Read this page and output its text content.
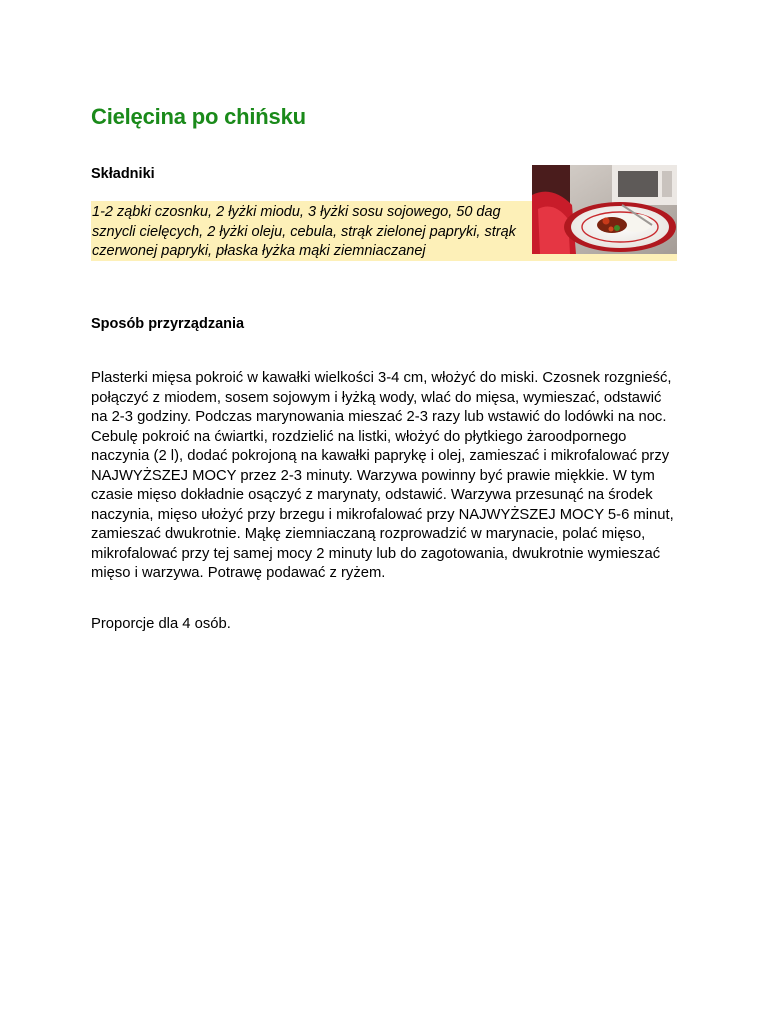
Cielęcina po chińsku
Składniki

1-2 ząbki czosnku, 2 łyżki miodu, 3 łyżki sosu sojowego, 50 dag sznycli cielęcych, 2 łyżki oleju, cebula, strąk zielonej papryki, strąk czerwonej papryki, płaska łyżka mąki ziemniaczanej

Sposób przyrządzania

Plasterki mięsa pokroić w kawałki wielkości 3-4 cm, włożyć do miski. Czosnek rozgnieść, połączyć z miodem, sosem sojowym i łyżką wody, wlać do mięsa, wymieszać, odstawić na 2-3 godziny. Podczas marynowania mieszać 2-3 razy lub wstawić do lodówki na noc. Cebulę pokroić na ćwiartki, rozdzielić na listki, włożyć do płytkiego żaroodpornego naczynia (2 l), dodać pokrojoną na kawałki paprykę i olej, zamieszać i mikrofalować przy NAJWYŻSZEJ MOCY przez 2-3 minuty. Warzywa powinny być prawie miękkie. W tym czasie mięso dokładnie osączyć z marynaty, odstawić. Warzywa przesunąć na środek naczynia, mięso ułożyć przy brzegu i mikrofalować przy NAJWYŻSZEJ MOCY 5-6 minut, zamieszać dwukrotnie. Mąkę ziemniaczaną rozprowadzić w marynacie, polać mięso, mikrofalować przy tej samej mocy 2 minuty lub do zagotowania, dwukrotnie wymieszać mięso i warzywa. Potrawę podawać z ryżem.

Proporcje dla 4 osób.
